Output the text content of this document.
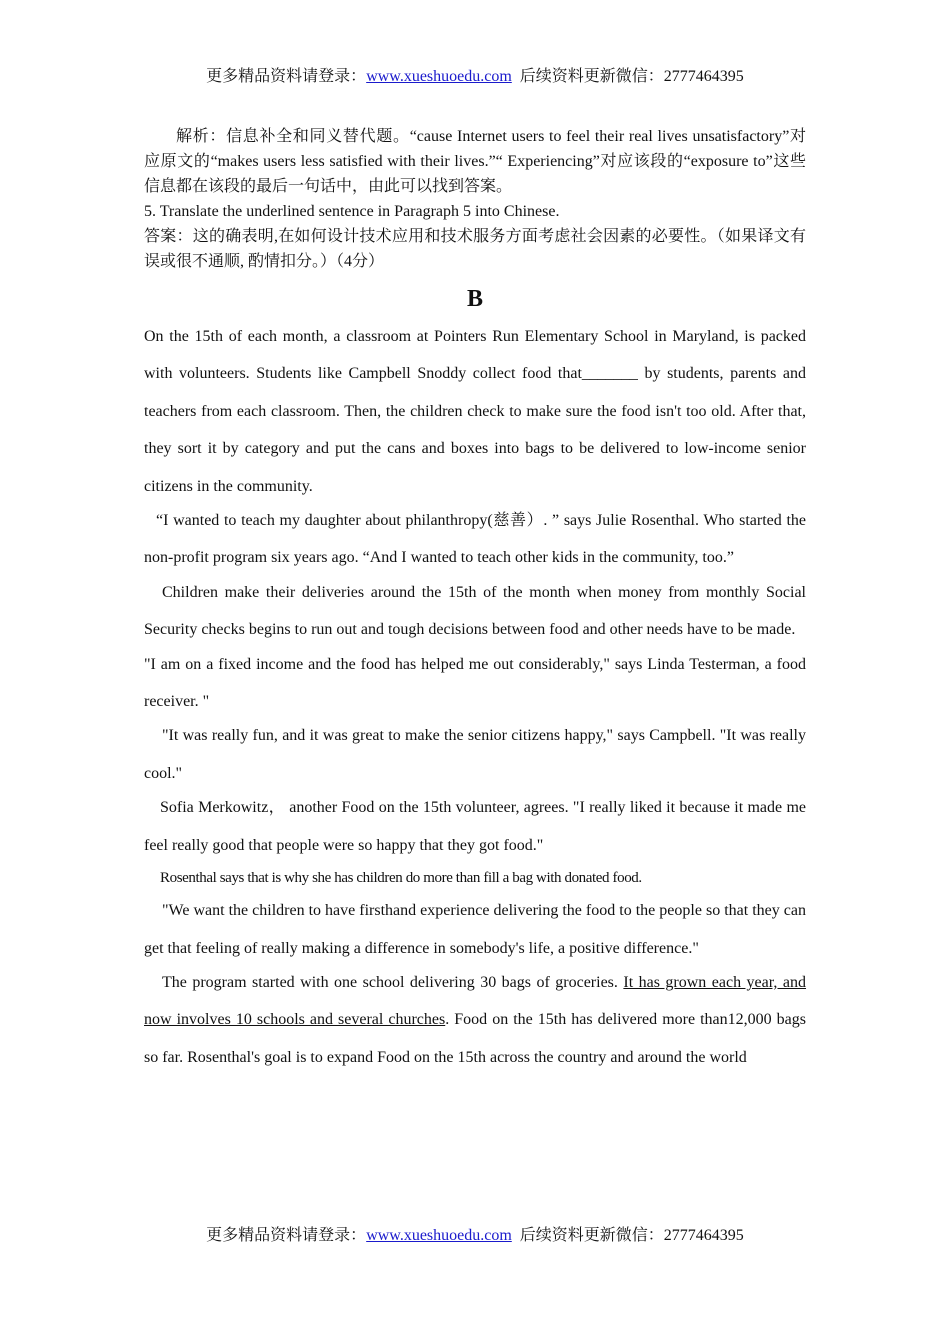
更多精品资料请登录：www.xueshuoedu.com  后续资料更新微信：2777464395

解析：信息补全和同义替代题。“cause Internet users to feel their real lives unsatisfactory”对应原文的“makes users less satisfied with their lives.”“ Experiencing”对应该段的“exposure to”这些信息都在该段的最后一句话中，由此可以找到答案。

5. Translate the underlined sentence in Paragraph 5 into Chinese.

答案：这的确表明,在如何设计技术应用和技术服务方面考虑社会因素的必要性。（如果译文有误或很不通顺, 酌情扣分。）（4分）

B

On the 15th of each month, a classroom at Pointers Run Elementary School in Maryland, is packed with volunteers. Students like Campbell Snoddy collect food that_______ by students, parents and teachers from each classroom. Then, the children check to make sure the food isn't too old. After that, they sort it by category and put the cans and boxes into bags to be delivered to low-income senior citizens in the community.

“I wanted to teach my daughter about philanthropy(慈善）. ” says Julie Rosenthal. Who started the non-profit program six years ago. “And I wanted to teach other kids in the community, too.”

Children make their deliveries around the 15th of the month when money from monthly Social Security checks begins to run out and tough decisions between food and other needs have to be made.

"I am on a fixed income and the food has helped me out considerably," says Linda Testerman, a food receiver. "

"It was really fun, and it was great to make the senior citizens happy," says Campbell. "It was really cool."

Sofia Merkowitz， another Food on the 15th volunteer, agrees. "I really liked it because it made me feel really good that people were so happy that they got food."

Rosenthal says that is why she has children do more than fill a bag with donated food.

"We want the children to have firsthand experience delivering the food to the people so that they can get that feeling of really making a difference in somebody's life, a positive difference."

The program started with one school delivering 30 bags of groceries. It has grown each year, and now involves 10 schools and several churches. Food on the 15th has delivered more than12,000 bags so far. Rosenthal's goal is to expand Food on the 15th across the country and around the world

更多精品资料请登录：www.xueshuoedu.com  后续资料更新微信：2777464395
